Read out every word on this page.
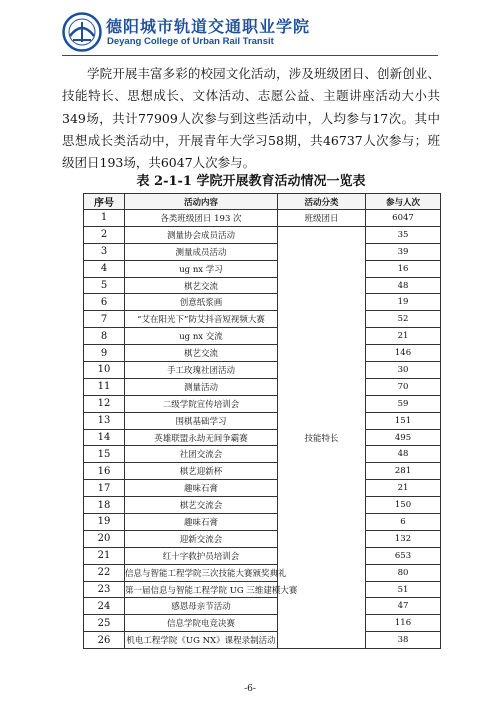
德阳城市轨道交通职业学院
Deyang College of Urban Rail Transit

学院开展丰富多彩的校园文化活动，涉及班级团日、创新创业、技能特长、思想成长、文体活动、志愿公益、主题讲座活动大小共349场，共计77909人次参与到这些活动中，人均参与17次。其中思想成长类活动中，开展青年大学习58期，共46737人次参与；班级团日193场，共6047人次参与。

表 2-1-1 学院开展教育活动情况一览表

序号	活动内容	活动分类	参与人次
1	各类班级团日 193 次	班级团日	6047
2	测量协会成员活动	技能特长	35
3	测量成员活动		39
4	ug nx 学习		16
5	棋艺交流		48
6	创意纸浆画		19
7	“艾在阳光下”防艾抖音短视频大赛		52
8	ug nx 交流		21
9	棋艺交流		146
10	手工玫瑰社团活动		30
11	测量活动		70
12	二级学院宣传培训会		59
13	围棋基础学习		151
14	英雄联盟永劫无间争霸赛		495
15	社团交流会		48
16	棋艺迎新杯		281
17	趣味石膏		21
18	棋艺交流会		150
19	趣味石膏		6
20	迎新交流会		132
21	红十字救护员培训会		653
22	信息与智能工程学院三次技能大赛颁奖典礼		80
23	第一届信息与智能工程学院 UG 三维建模大赛		51
24	感恩母亲节活动		47
25	信息学院电竞决赛		116
26	机电工程学院《UG NX》课程录制活动		38
-6-
